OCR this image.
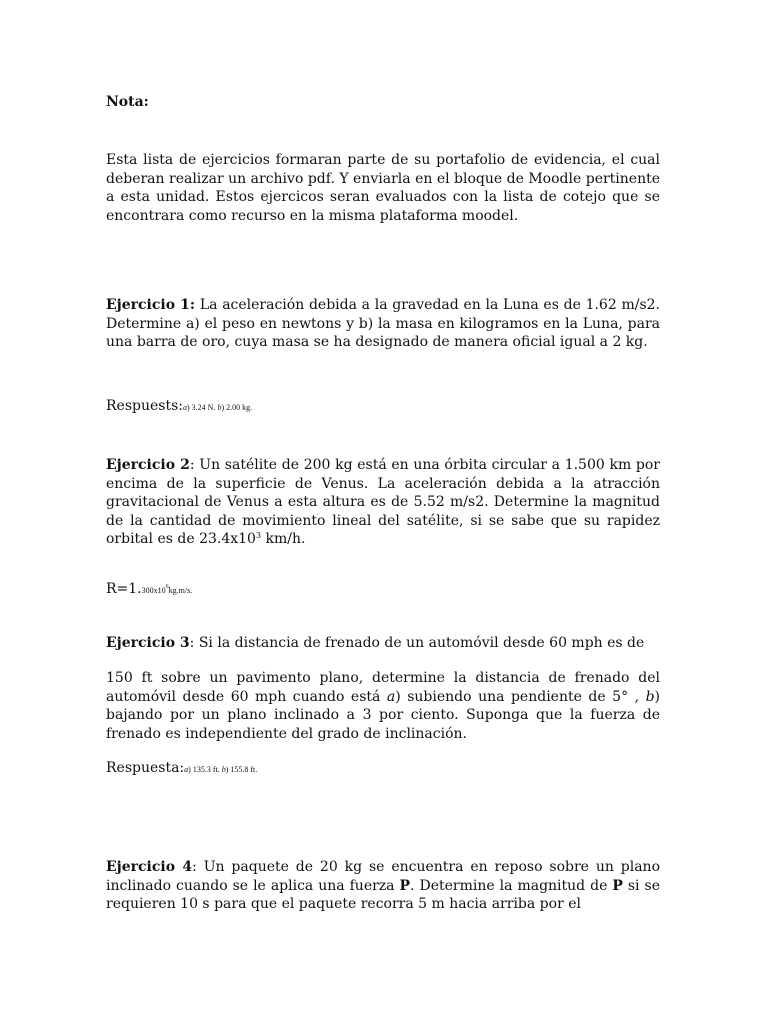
Nota:

Esta lista de ejercicios formaran parte de su portafolio de evidencia, el cual deberan realizar un archivo pdf. Y enviarla en el bloque de Moodle pertinente a esta unidad. Estos ejercicos seran evaluados con la lista de cotejo que se encontrara como recurso en la misma plataforma moodel.

Ejercicio 1: La aceleración debida a la gravedad en la Luna es de 1.62 m/s2. Determine a) el peso en newtons y b) la masa en kilogramos en la Luna, para una barra de oro, cuya masa se ha designado de manera oficial igual a 2 kg.

Respuests:a) 3.24 N. b) 2.00 kg.

Ejercicio 2: Un satélite de 200 kg está en una órbita circular a 1.500 km por encima de la superficie de Venus. La aceleración debida a la atracción gravitacional de Venus a esta altura es de 5.52 m/s2. Determine la magnitud de la cantidad de movimiento lineal del satélite, si se sabe que su rapidez orbital es de $23.4x10^3$ km/h.

$R=1.300x10^6kg.m/s$.

Ejercicio 3: Si la distancia de frenado de un automóvil desde 60 mph es de

150 ft sobre un pavimento plano, determine la distancia de frenado del automóvil desde 60 mph cuando está a) subiendo una pendiente de 5° , b) bajando por un plano inclinado a 3 por ciento. Suponga que la fuerza de frenado es independiente del grado de inclinación.

Respuesta:a) 135.3 ft. b) 155.8 ft.

Ejercicio 4: Un paquete de 20 kg se encuentra en reposo sobre un plano inclinado cuando se le aplica una fuerza P. Determine la magnitud de P si se requieren 10 s para que el paquete recorra 5 m hacia arriba por el
